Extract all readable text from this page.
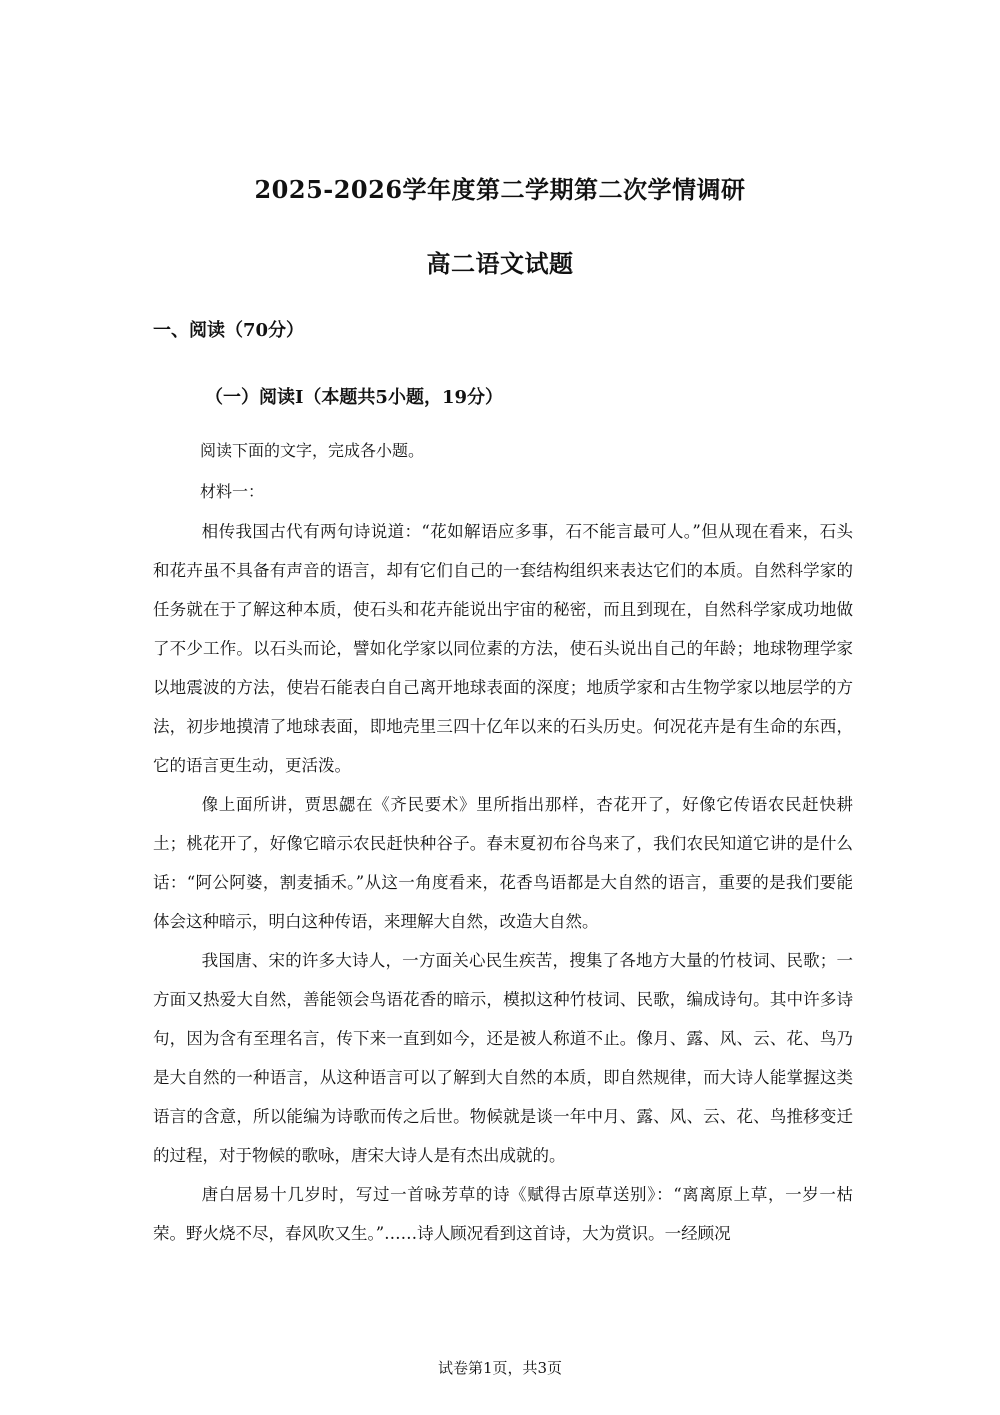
2025-2026学年度第二学期第二次学情调研
高二语文试题
一、阅读（70分）
（一）阅读Ⅰ（本题共5小题，19分）
阅读下面的文字，完成各小题。
材料一：

相传我国古代有两句诗说道：“花如解语应多事，石不能言最可人。”但从现在看来，石头和花卉虽不具备有声音的语言，却有它们自己的一套结构组织来表达它们的本质。自然科学家的任务就在于了解这种本质，使石头和花卉能说出宇宙的秘密，而且到现在，自然科学家成功地做了不少工作。以石头而论，譬如化学家以同位素的方法，使石头说出自己的年龄；地球物理学家以地震波的方法，使岩石能表白自己离开地球表面的深度；地质学家和古生物学家以地层学的方法，初步地摸清了地球表面，即地壳里三四十亿年以来的石头历史。何况花卉是有生命的东西，它的语言更生动，更活泼。

像上面所讲，贾思勰在《齐民要术》里所指出那样，杏花开了，好像它传语农民赶快耕土；桃花开了，好像它暗示农民赶快种谷子。春末夏初布谷鸟来了，我们农民知道它讲的是什么话：“阿公阿婆，割麦插禾。”从这一角度看来，花香鸟语都是大自然的语言，重要的是我们要能体会这种暗示，明白这种传语，来理解大自然，改造大自然。

我国唐、宋的许多大诗人，一方面关心民生疾苦，搜集了各地方大量的竹枝词、民歌；一方面又热爱大自然，善能领会鸟语花香的暗示，模拟这种竹枝词、民歌，编成诗句。其中许多诗句，因为含有至理名言，传下来一直到如今，还是被人称道不止。像月、露、风、云、花、鸟乃是大自然的一种语言，从这种语言可以了解到大自然的本质，即自然规律，而大诗人能掌握这类语言的含意，所以能编为诗歌而传之后世。物候就是谈一年中月、露、风、云、花、鸟推移变迁的过程，对于物候的歌咏，唐宋大诗人是有杰出成就的。

唐白居易十几岁时，写过一首咏芳草的诗《赋得古原草送别》：“离离原上草，一岁一枯荣。野火烧不尽，春风吹又生。”……诗人顾况看到这首诗，大为赏识。一经顾况

试卷第1页，共3页
